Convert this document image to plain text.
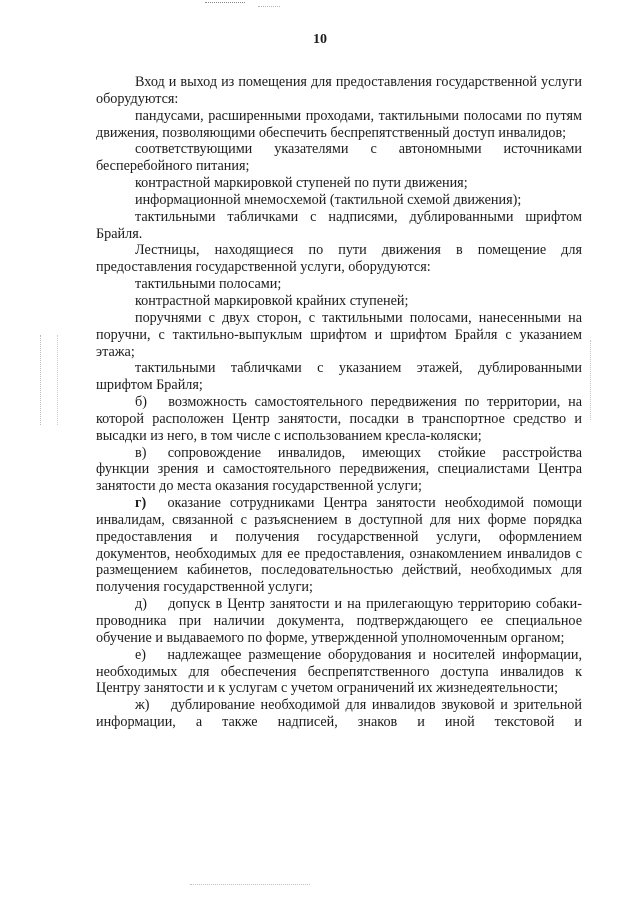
10

Вход и выход из помещения для предоставления государственной услуги оборудуются:

пандусами, расширенными проходами, тактильными полосами по путям движения, позволяющими обеспечить беспрепятственный доступ инвалидов;

соответствующими указателями с автономными источниками бесперебойного питания;

контрастной маркировкой ступеней по пути движения;

информационной мнемосхемой (тактильной схемой движения);

тактильными табличками с надписями, дублированными шрифтом Брайля.

Лестницы, находящиеся по пути движения в помещение для предоставления государственной услуги, оборудуются:

тактильными полосами;

контрастной маркировкой крайних ступеней;

поручнями с двух сторон, с тактильными полосами, нанесенными на поручни, с тактильно-выпуклым шрифтом и шрифтом Брайля с указанием этажа;

тактильными табличками с указанием этажей, дублированными шрифтом Брайля;

б)   возможность самостоятельного передвижения по территории, на которой расположен Центр занятости, посадки в транспортное средство и высадки из него, в том числе с использованием кресла-коляски;

в)   сопровождение инвалидов, имеющих стойкие расстройства функции зрения и самостоятельного передвижения, специалистами Центра занятости до места оказания государственной услуги;

г)   оказание сотрудниками Центра занятости необходимой помощи инвалидам, связанной с разъяснением в доступной для них форме порядка предоставления и получения государственной услуги, оформлением документов, необходимых для ее предоставления, ознакомлением инвалидов с размещением кабинетов, последовательностью действий, необходимых для получения государственной услуги;

д)   допуск в Центр занятости и на прилегающую территорию собаки-проводника при наличии документа, подтверждающего ее специальное обучение и выдаваемого по форме, утвержденной уполномоченным органом;

е)   надлежащее размещение оборудования и носителей информации, необходимых для обеспечения беспрепятственного доступа инвалидов к Центру занятости и к услугам с учетом ограничений их жизнедеятельности;

ж)   дублирование необходимой для инвалидов звуковой и зрительной информации, а также надписей, знаков и иной текстовой и
